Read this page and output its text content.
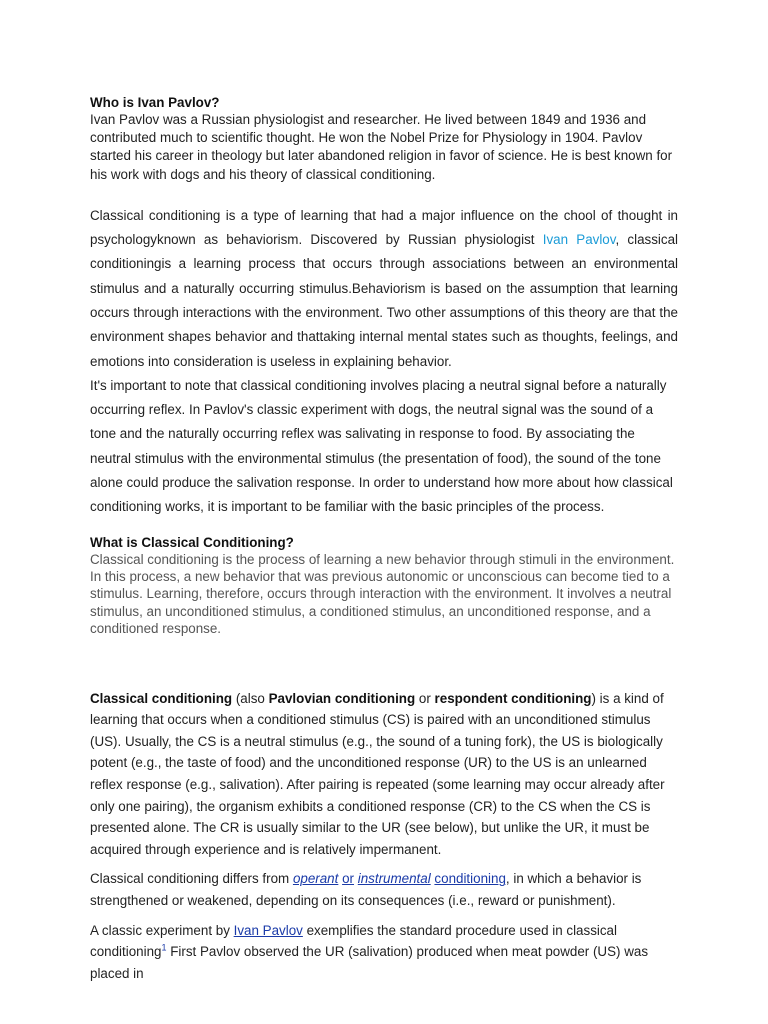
Who is Ivan Pavlov?

Ivan Pavlov was a Russian physiologist and researcher. He lived between 1849 and 1936 and contributed much to scientific thought. He won the Nobel Prize for Physiology in 1904. Pavlov started his career in theology but later abandoned religion in favor of science. He is best known for his work with dogs and his theory of classical conditioning.

Classical conditioning is a type of learning that had a major influence on the chool of thought in psychologyknown as behaviorism. Discovered by Russian physiologist Ivan Pavlov, classical conditioningis a learning process that occurs through associations between an environmental stimulus and a naturally occurring stimulus.Behaviorism is based on the assumption that learning occurs through interactions with the environment. Two other assumptions of this theory are that the environment shapes behavior and thattaking internal mental states such as thoughts, feelings, and emotions into consideration is useless in explaining behavior.

It's important to note that classical conditioning involves placing a neutral signal before a naturally occurring reflex. In Pavlov's classic experiment with dogs, the neutral signal was the sound of a tone and the naturally occurring reflex was salivating in response to food. By associating the neutral stimulus with the environmental stimulus (the presentation of food), the sound of the tone alone could produce the salivation response. In order to understand how more about how classical conditioning works, it is important to be familiar with the basic principles of the process.

What is Classical Conditioning?

Classical conditioning is the process of learning a new behavior through stimuli in the environment. In this process, a new behavior that was previous autonomic or unconscious can become tied to a stimulus. Learning, therefore, occurs through interaction with the environment. It involves a neutral stimulus, an unconditioned stimulus, a conditioned stimulus, an unconditioned response, and a conditioned response.

Classical conditioning (also Pavlovian conditioning or respondent conditioning) is a kind of learning that occurs when a conditioned stimulus (CS) is paired with an unconditioned stimulus (US). Usually, the CS is a neutral stimulus (e.g., the sound of a tuning fork), the US is biologically potent (e.g., the taste of food) and the unconditioned response (UR) to the US is an unlearned reflex response (e.g., salivation). After pairing is repeated (some learning may occur already after only one pairing), the organism exhibits a conditioned response (CR) to the CS when the CS is presented alone. The CR is usually similar to the UR (see below), but unlike the UR, it must be acquired through experience and is relatively impermanent.

Classical conditioning differs from operant or instrumental conditioning, in which a behavior is strengthened or weakened, depending on its consequences (i.e., reward or punishment).

A classic experiment by Ivan Pavlov exemplifies the standard procedure used in classical conditioning$^1$ First Pavlov observed the UR (salivation) produced when meat powder (US) was placed in
